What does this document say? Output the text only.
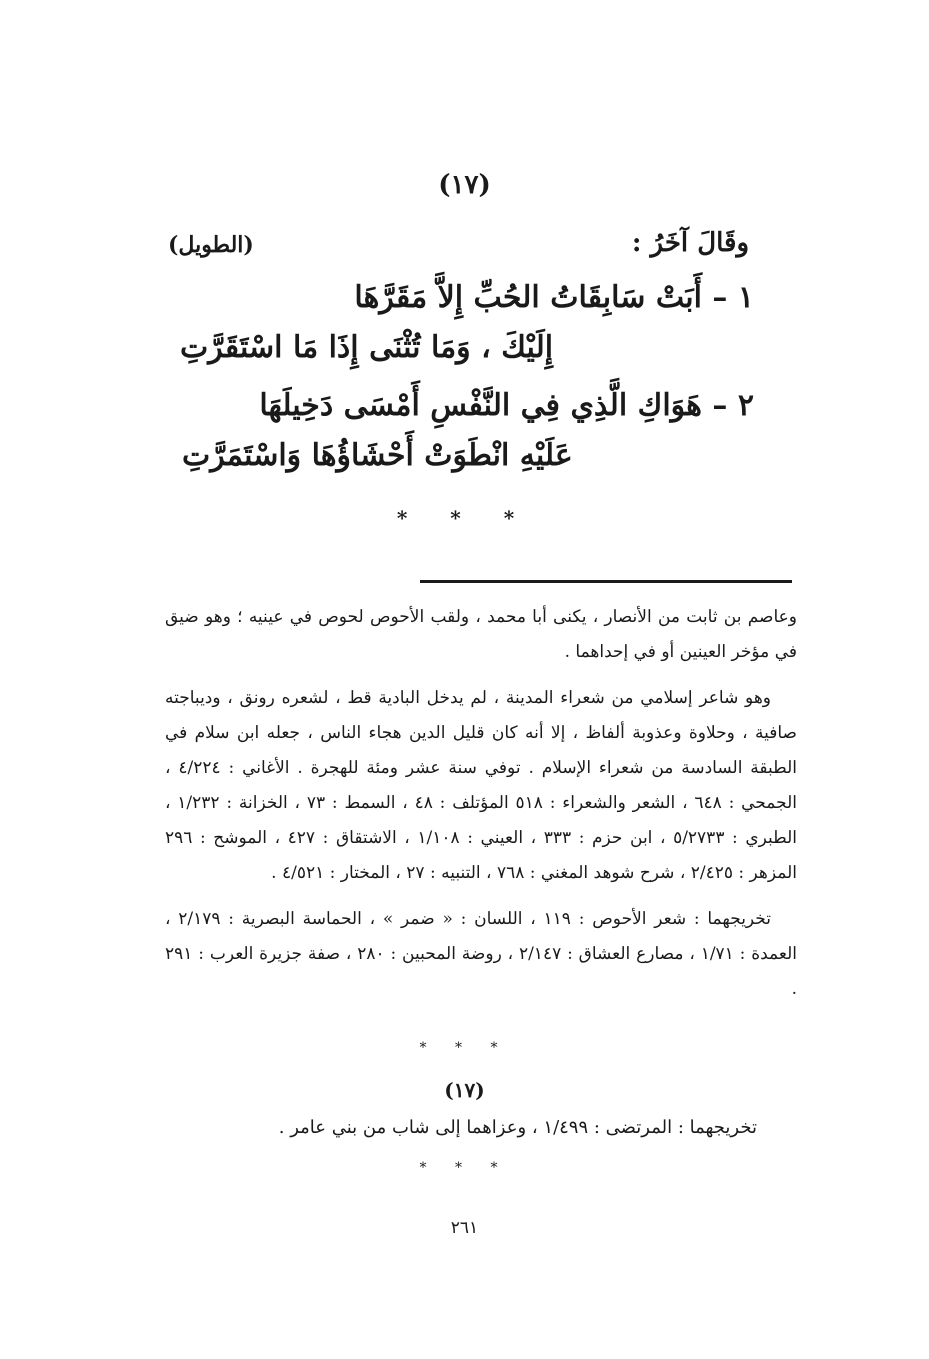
(١٧)
وقَالَ آخَرُ :
(الطويل)
١ – أَبَتْ سَابِقَاتُ الحُبِّ إِلاَّ مَقَرَّهَا
إِلَيْكَ ، وَمَا تُثْنَى إِذَا مَا اسْتَقَرَّتِ
٢ – هَوَاكِ الَّذِي فِي النَّفْسِ أَمْسَى دَخِيلَهَا
عَلَيْهِ انْطَوَتْ أَحْشَاؤُهَا وَاسْتَمَرَّتِ
* * *

وعاصم بن ثابت من الأنصار ، يكنى أبا محمد ، ولقب الأحوص لحوص في عينيه ؛ وهو ضيق في مؤخر العينين أو في إحداهما .

وهو شاعر إسلامي من شعراء المدينة ، لم يدخل البادية قط ، لشعره رونق ، وديباجته صافية ، وحلاوة وعذوبة ألفاظ ، إلا أنه كان قليل الدين هجاء الناس ، جعله ابن سلام في الطبقة السادسة من شعراء الإسلام . توفي سنة عشر ومئة للهجرة . الأغاني : ٤/٢٢٤ ، الجمحي : ٦٤٨ ، الشعر والشعراء : ٥١٨ المؤتلف : ٤٨ ، السمط : ٧٣ ، الخزانة : ١/٢٣٢ ، الطبري : ٥/٢٧٣٣ ، ابن حزم : ٣٣٣ ، العيني : ١/١٠٨ ، الاشتقاق : ٤٢٧ ، الموشح : ٢٩٦ المزهر : ٢/٤٢٥ ، شرح شوهد المغني : ٧٦٨ ، التنبيه : ٢٧ ، المختار : ٤/٥٢١ .

تخريجهما : شعر الأحوص : ١١٩ ، اللسان : « ضمر » ، الحماسة البصرية : ٢/١٧٩ ، العمدة : ١/٧١ ، مصارع العشاق : ٢/١٤٧ ، روضة المحبين : ٢٨٠ ، صفة جزيرة العرب : ٢٩١ .

* * *
(١٧)
تخريجهما : المرتضى : ١/٤٩٩ ، وعزاهما إلى شاب من بني عامر .
* * *
٢٦١
